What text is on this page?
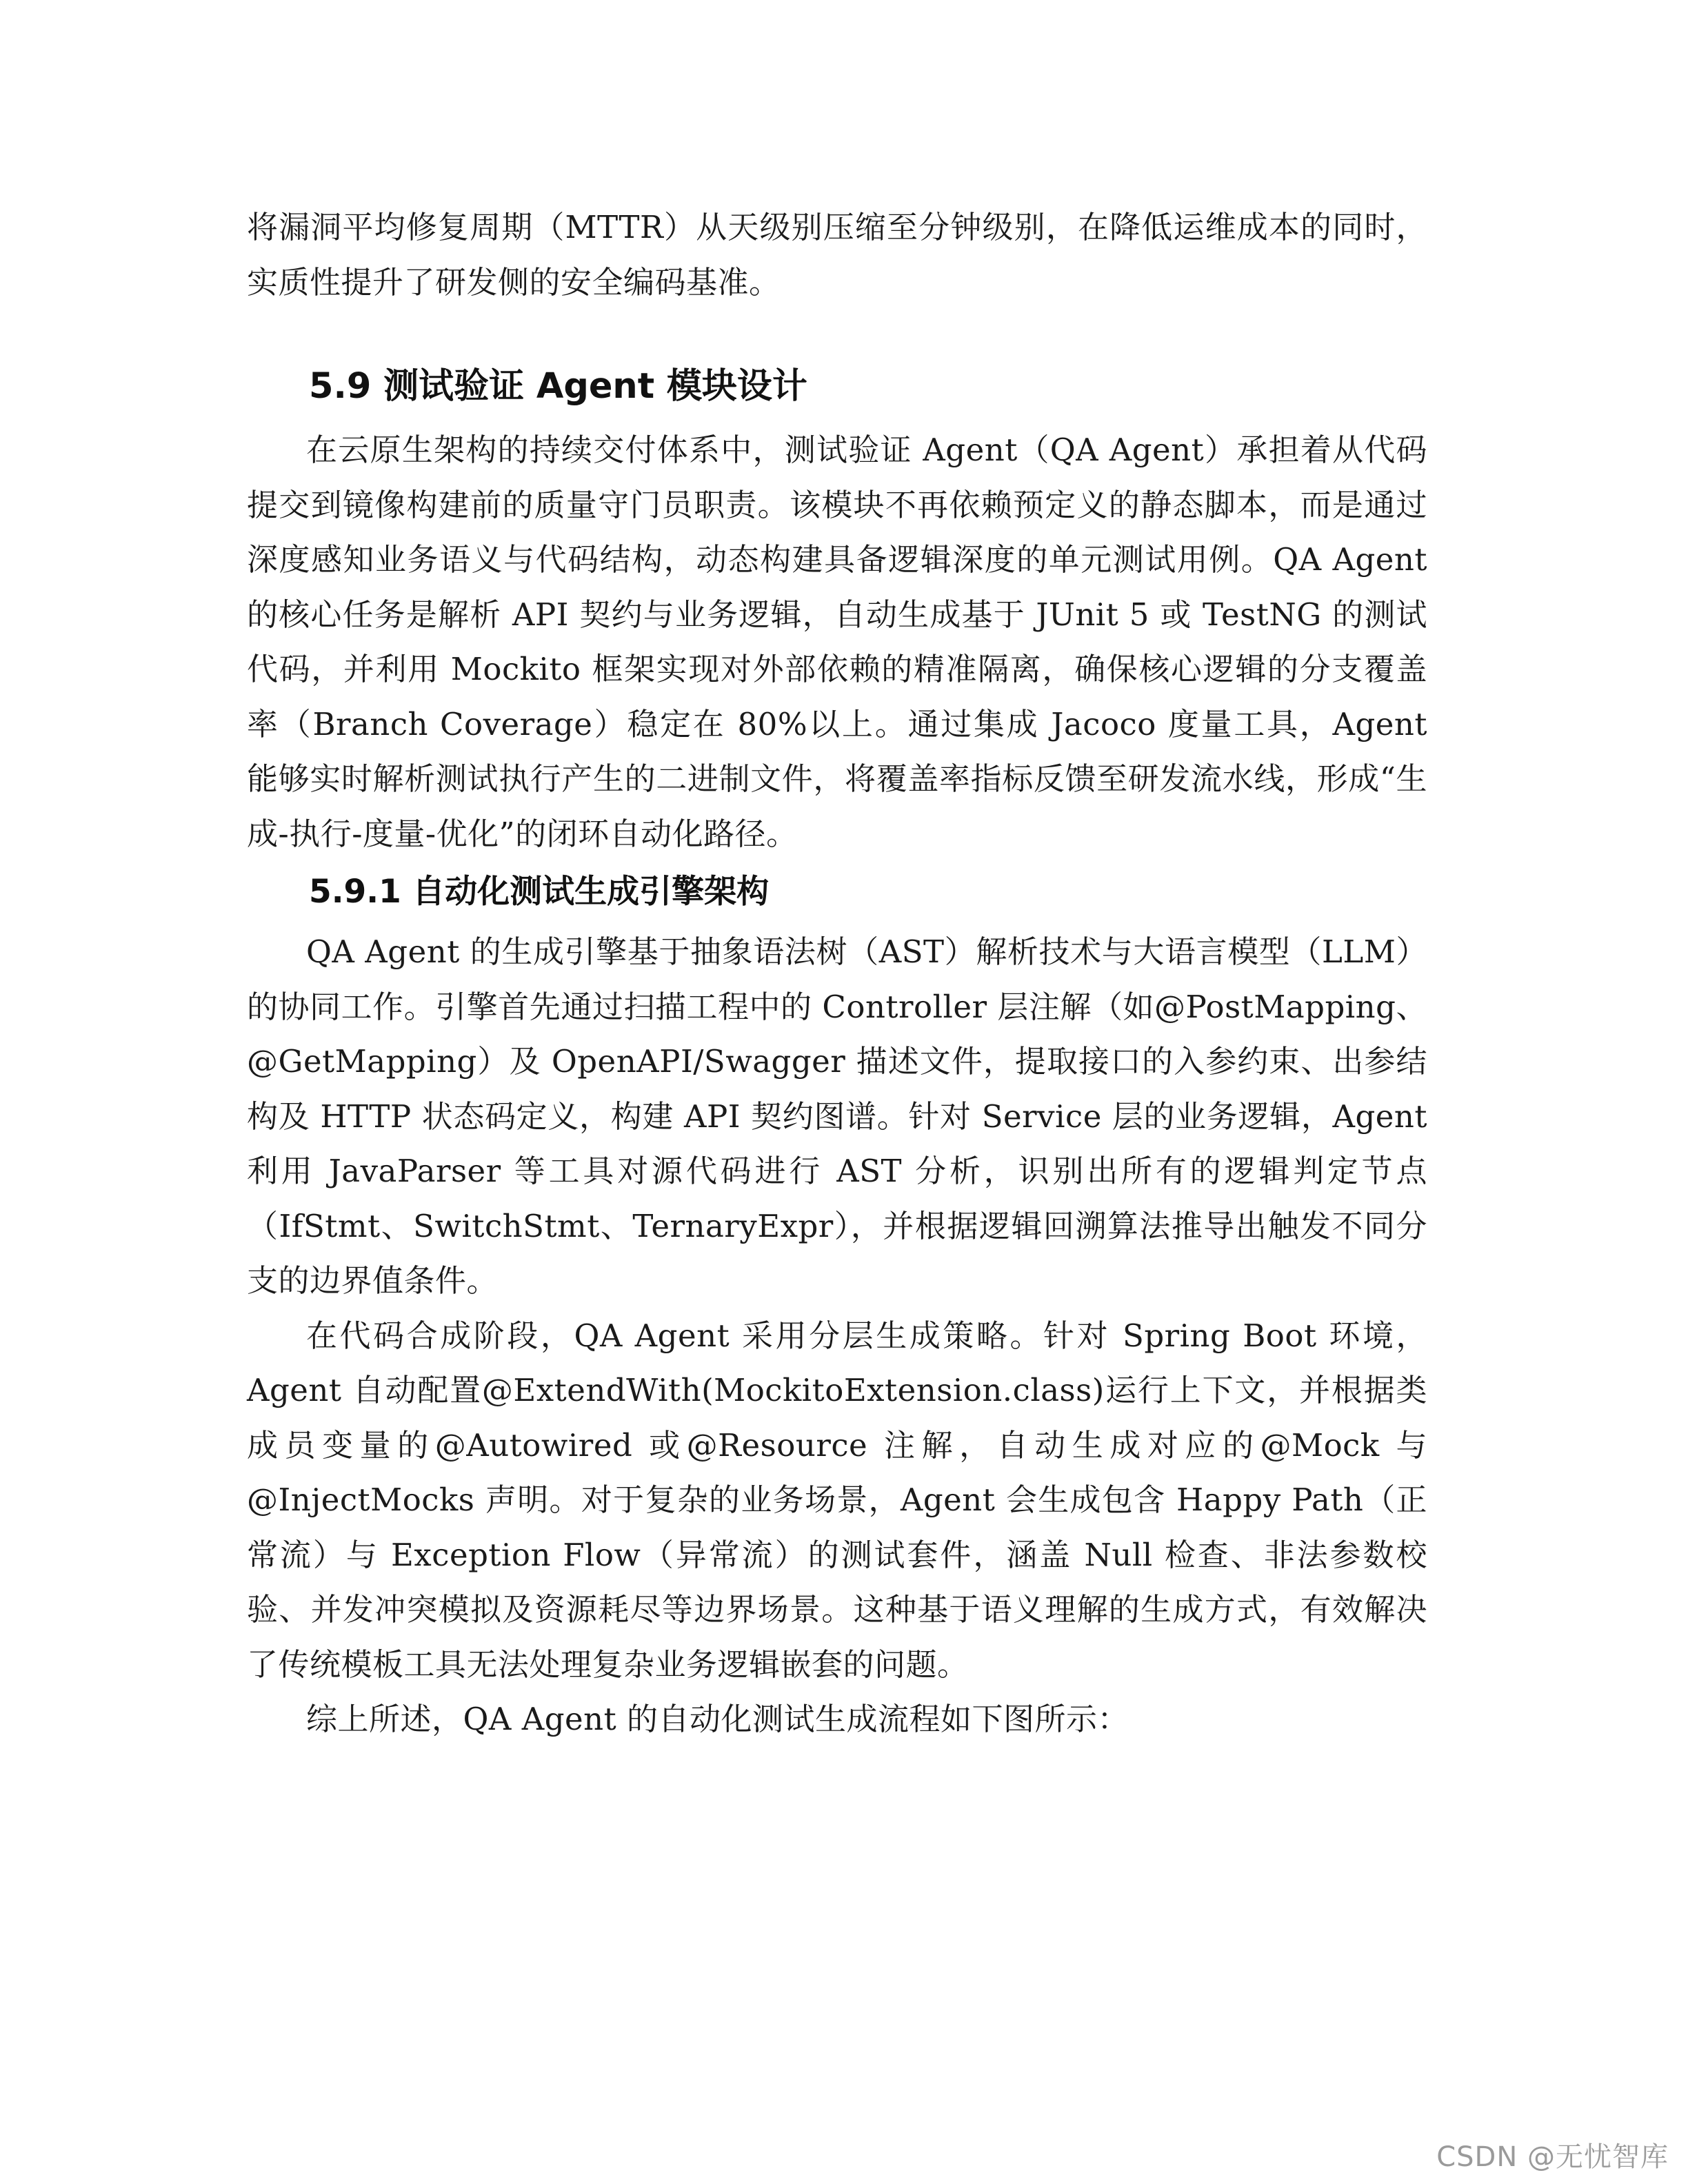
将漏洞平均修复周期（MTTR）从天级别压缩至分钟级别，在降低运维成本的同时，实质性提升了研发侧的安全编码基准。

5.9 测试验证 Agent 模块设计

在云原生架构的持续交付体系中，测试验证 Agent（QA Agent）承担着从代码提交到镜像构建前的质量守门员职责。该模块不再依赖预定义的静态脚本，而是通过深度感知业务语义与代码结构，动态构建具备逻辑深度的单元测试用例。QA Agent 的核心任务是解析 API 契约与业务逻辑，自动生成基于 JUnit 5 或 TestNG 的测试代码，并利用 Mockito 框架实现对外部依赖的精准隔离，确保核心逻辑的分支覆盖率（Branch Coverage）稳定在 80%以上。通过集成 Jacoco 度量工具，Agent 能够实时解析测试执行产生的二进制文件，将覆盖率指标反馈至研发流水线，形成“生成-执行-度量-优化”的闭环自动化路径。

5.9.1 自动化测试生成引擎架构

QA Agent 的生成引擎基于抽象语法树（AST）解析技术与大语言模型（LLM）的协同工作。引擎首先通过扫描工程中的 Controller 层注解（如@PostMapping、@GetMapping）及 OpenAPI/Swagger 描述文件，提取接口的入参约束、出参结构及 HTTP 状态码定义，构建 API 契约图谱。针对 Service 层的业务逻辑，Agent 利用 JavaParser 等工具对源代码进行 AST 分析，识别出所有的逻辑判定节点（IfStmt、SwitchStmt、TernaryExpr），并根据逻辑回溯算法推导出触发不同分支的边界值条件。

在代码合成阶段，QA Agent 采用分层生成策略。针对 Spring Boot 环境，Agent 自动配置@ExtendWith(MockitoExtension.class)运行上下文，并根据类成员变量的@Autowired 或@Resource 注解，自动生成对应的@Mock 与@InjectMocks 声明。对于复杂的业务场景，Agent 会生成包含 Happy Path（正常流）与 Exception Flow（异常流）的测试套件，涵盖 Null 检查、非法参数校验、并发冲突模拟及资源耗尽等边界场景。这种基于语义理解的生成方式，有效解决了传统模板工具无法处理复杂业务逻辑嵌套的问题。

综上所述，QA Agent 的自动化测试生成流程如下图所示：

CSDN @无忧智库
